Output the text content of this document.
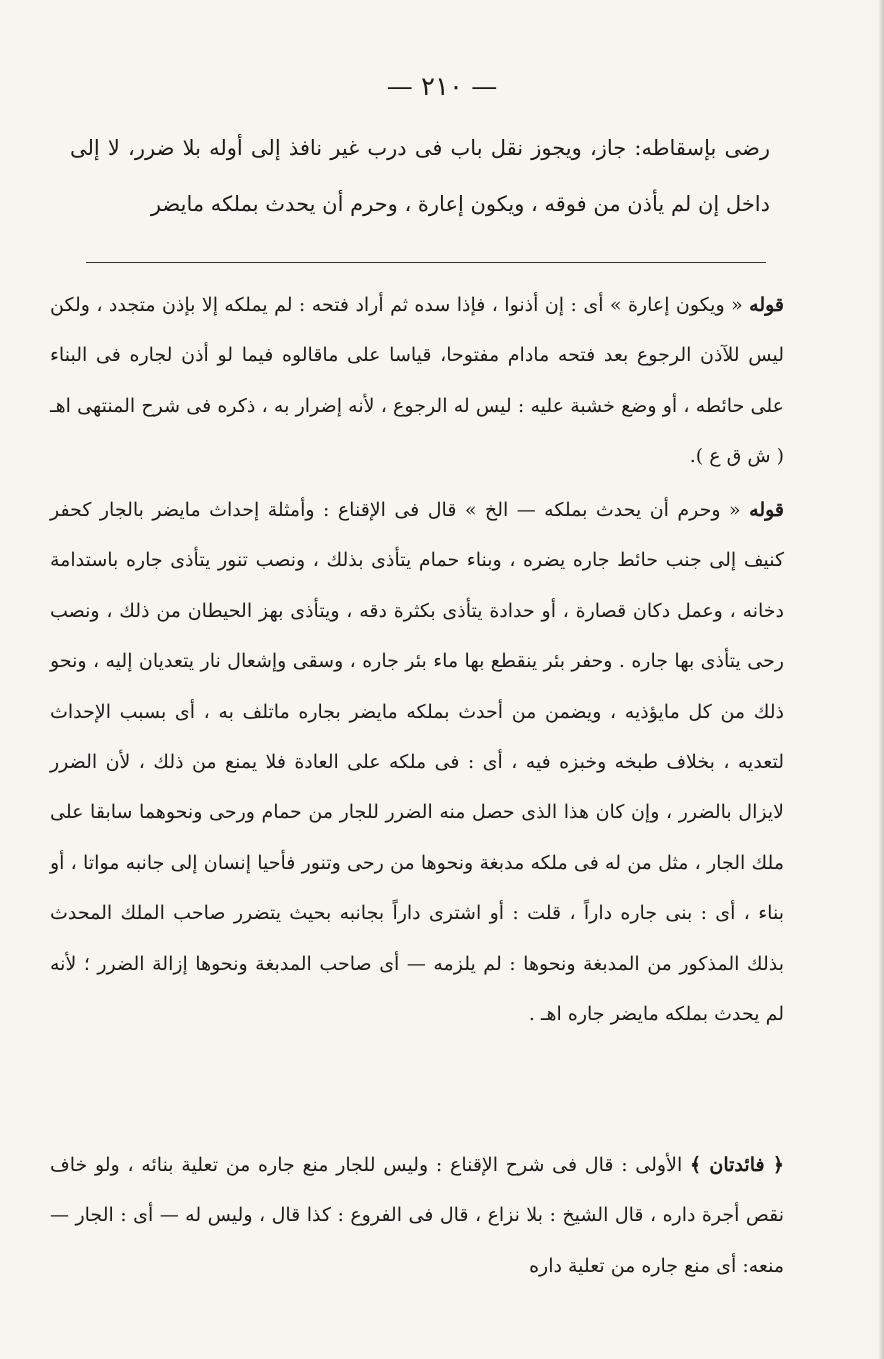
— ٢١٠ —
رضى بإسقاطه: جاز، ويجوز نقل باب فى درب غير نافذ إلى أوله بلا ضرر، لا إلى داخل إن لم يأذن من فوقه ، ويكون إعارة ، وحرم أن يحدث بملكه مايضر

قوله « ويكون إعارة » أى : إن أذنوا ، فإذا سده ثم أراد فتحه : لم يملكه إلا بإذن متجدد ، ولكن ليس للآذن الرجوع بعد فتحه مادام مفتوحا، قياسا على ماقالوه فيما لو أذن لجاره فى البناء على حائطه ، أو وضع خشبة عليه : ليس له الرجوع ، لأنه إضرار به ، ذكره فى شرح المنتهى اهـ ( ش ق ع ).

قوله « وحرم أن يحدث بملكه — الخ » قال فى الإقناع : وأمثلة إحداث مايضر بالجار كحفر كنيف إلى جنب حائط جاره يضره ، وبناء حمام يتأذى بذلك ، ونصب تنور يتأذى جاره باستدامة دخانه ، وعمل دكان قصارة ، أو حدادة يتأذى بكثرة دقه ، ويتأذى بهز الحيطان من ذلك ، ونصب رحى يتأذى بها جاره . وحفر بئر ينقطع بها ماء بئر جاره ، وسقى وإشعال نار يتعديان إليه ، ونحو ذلك من كل مايؤذيه ، ويضمن من أحدث بملكه مايضر بجاره ماتلف به ، أى بسبب الإحداث لتعديه ، بخلاف طبخه وخبزه فيه ، أى : فى ملكه على العادة فلا يمنع من ذلك ، لأن الضرر لايزال بالضرر ، وإن كان هذا الذى حصل منه الضرر للجار من حمام ورحى ونحوهما سابقا على ملك الجار ، مثل من له فى ملكه مدبغة ونحوها من رحى وتنور فأحيا إنسان إلى جانبه مواتا ، أو بناء ، أى : بنى جاره داراً ، قلت : أو اشترى داراً بجانبه بحيث يتضرر صاحب الملك المحدث بذلك المذكور من المدبغة ونحوها : لم يلزمه — أى صاحب المدبغة ونحوها إزالة الضرر ؛ لأنه لم يحدث بملكه مايضر جاره اهـ .

﴿ فائدتان ﴾ الأولى : قال فى شرح الإقناع : وليس للجار منع جاره من تعلية بنائه ، ولو خاف نقص أجرة داره ، قال الشيخ : بلا نزاع ، قال فى الفروع : كذا قال ، وليس له — أى : الجار — منعه: أى منع جاره من تعلية داره
